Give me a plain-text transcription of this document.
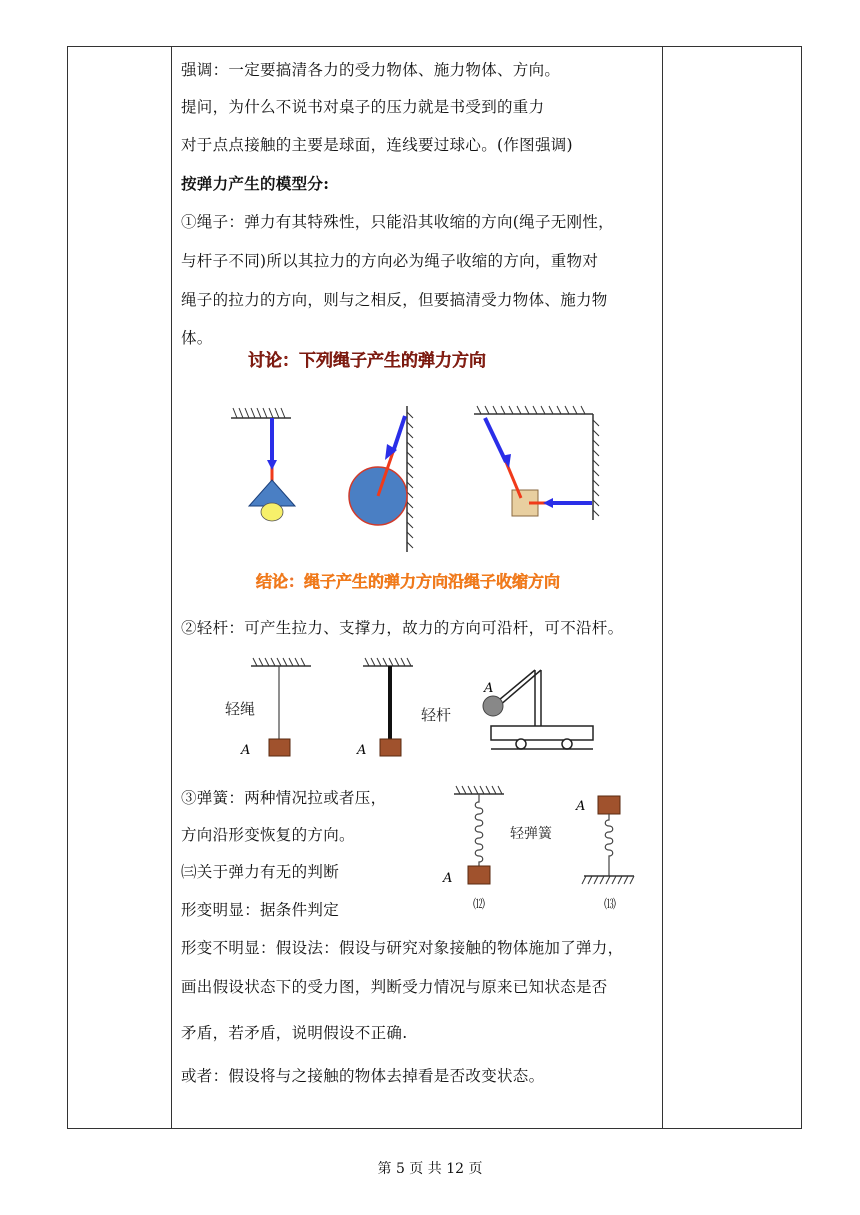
强调：一定要搞清各力的受力物体、施力物体、方向。
提问，为什么不说书对桌子的压力就是书受到的重力
对于点点接触的主要是球面，连线要过球心。(作图强调)
按弹力产生的模型分:
①绳子：弹力有其特殊性，只能沿其收缩的方向(绳子无刚性，
与杆子不同)所以其拉力的方向必为绳子收缩的方向，重物对
绳子的拉力的方向，则与之相反，但要搞清受力物体、施力物
体。
讨论：下列绳子产生的弹力方向
结论：绳子产生的弹力方向沿绳子收缩方向
②轻杆：可产生拉力、支撑力，故力的方向可沿杆，可不沿杆。
轻绳
A	A
轻杆
A
③弹簧：两种情况拉或者压，
方向沿形变恢复的方向。
㈢关于弹力有无的判断
形变明显：据条件判定
A
⑿
轻弹簧
A
⒀
形变不明显：假设法：假设与研究对象接触的物体施加了弹力，
画出假设状态下的受力图，判断受力情况与原来已知状态是否
矛盾，若矛盾，说明假设不正确.
或者：假设将与之接触的物体去掉看是否改变状态。
第 5 页 共 12 页
